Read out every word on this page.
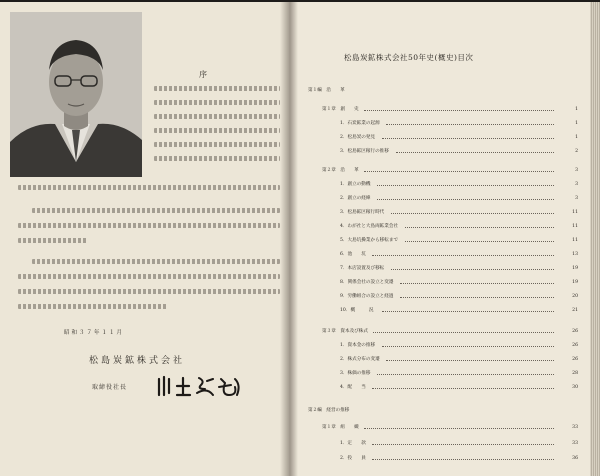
序
昭和３７年１１月
松島炭鉱株式会社
取締役社長
松島炭鉱株式会社50年史(概史)目次
第１編　沿　　革
第１章　創　　史	1
1．石炭鉱業の起源	1
2．松島炭の発見	1
3．松島鉱区稼行の推移	2
第２章　沿　　革	3
1．創立の動機	3
2．創立の経緯	3
3．松島鉱区稼行時代	11
4．わが社と大島両鉱業会社	11
5．大島坑操業から移転まで	11
6．池　　坑	13
7．本店設置及び移転	19
8．関係会社の設立と変遷	19
9．労働組合の設立と経過	20
10．概　　　況	21
第３章　資本及び株式	26
1．資本金の推移	26
2．株式分布の変遷	26
3．株価の推移	28
4．配　　当	30
第２編　経営の推移
第１章　組　　織	33
1．定　　款	33
2．役　　員	36
